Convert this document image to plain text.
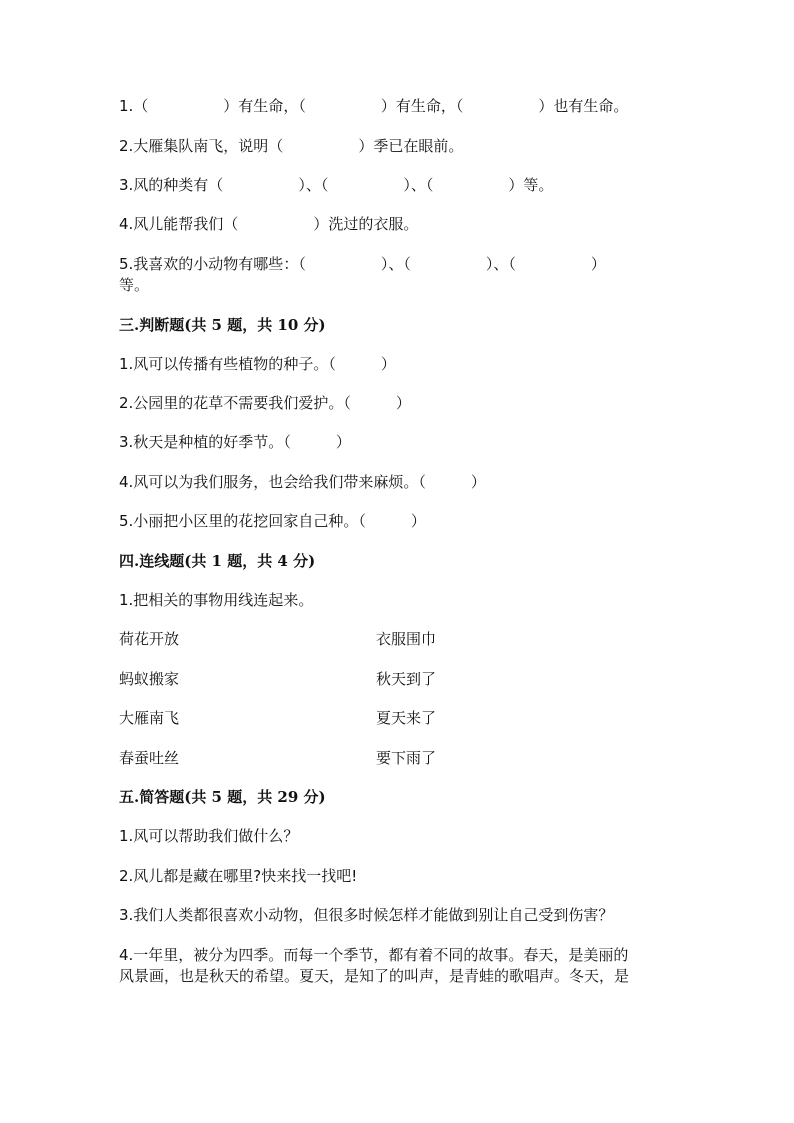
1.（　　　　　）有生命，（　　　　　）有生命，（　　　　　）也有生命。
2.大雁集队南飞，说明（　　　　　）季已在眼前。
3.风的种类有（　　　　　）、（　　　　　）、（　　　　　）等。
4.风儿能帮我们（　　　　　）洗过的衣服。
5.我喜欢的小动物有哪些：（　　　　　）、（　　　　　）、（　　　　　）
等。
三.判断题(共 5 题，共 10 分)
1.风可以传播有些植物的种子。（　　　）
2.公园里的花草不需要我们爱护。（　　　）
3.秋天是种植的好季节。（　　　）
4.风可以为我们服务，也会给我们带来麻烦。（　　　）
5.小丽把小区里的花挖回家自己种。（　　　）
四.连线题(共 1 题，共 4 分)
1.把相关的事物用线连起来。
荷花开放	衣服围巾
蚂蚁搬家	秋天到了
大雁南飞	夏天来了
春蚕吐丝	要下雨了
五.简答题(共 5 题，共 29 分)
1.风可以帮助我们做什么？
2.风儿都是藏在哪里?快来找一找吧!
3.我们人类都很喜欢小动物，但很多时候怎样才能做到别让自己受到伤害？
4.一年里，被分为四季。而每一个季节，都有着不同的故事。春天，是美丽的
风景画，也是秋天的希望。夏天，是知了的叫声，是青蛙的歌唱声。冬天，是
